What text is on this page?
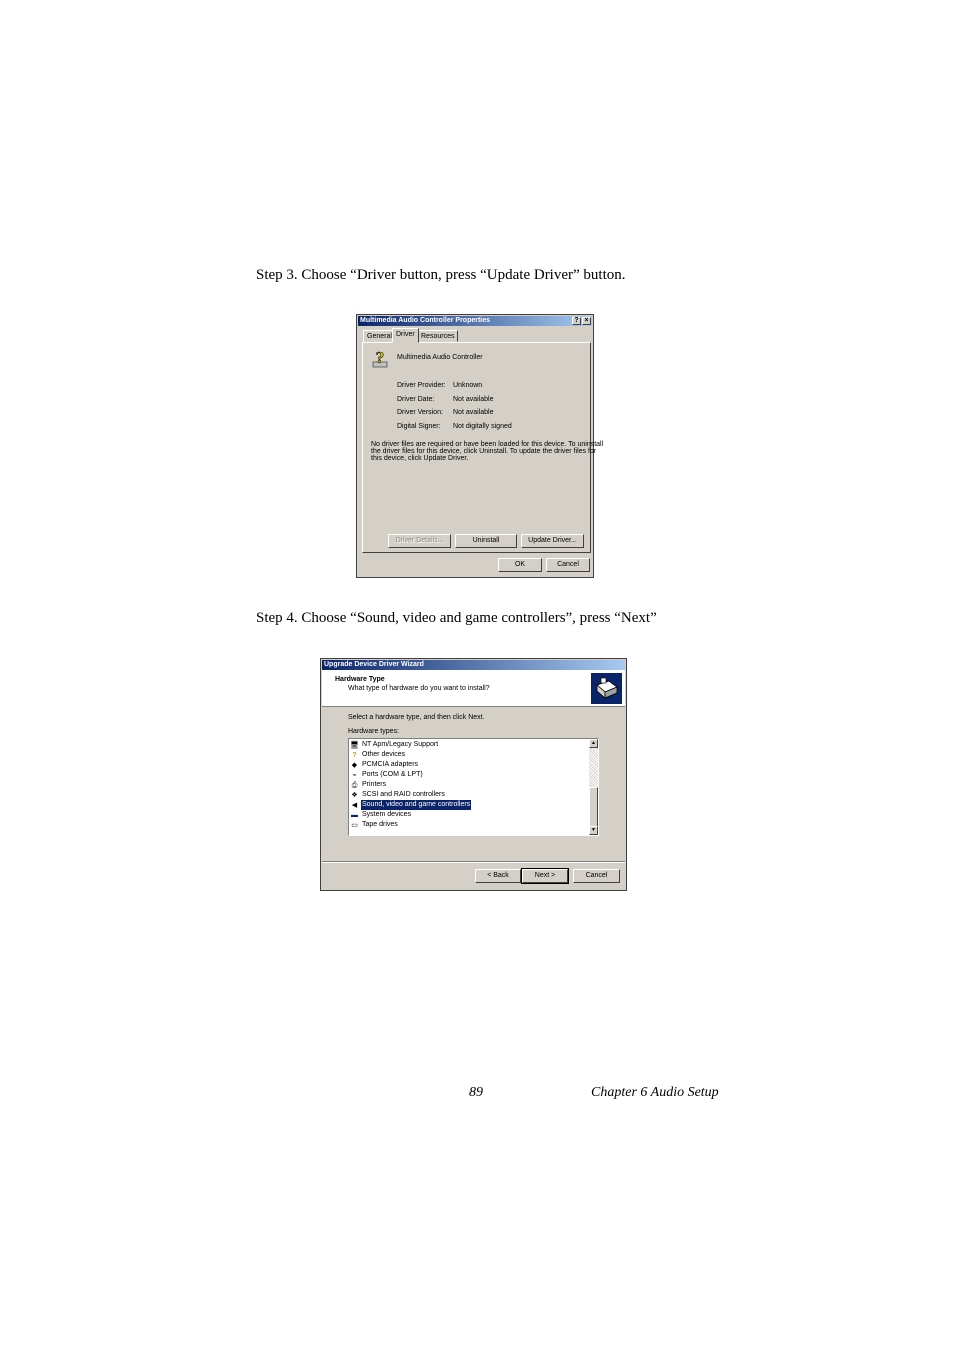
Step 3. Choose “Driver button, press “Update Driver” button.
Multimedia Audio Controller Properties	? ×
General Driver Resources
? Multimedia Audio Controller
Driver Provider: Unknown
Driver Date:	Not available
Driver Version: Not available
Digital Signer: Not digitally signed
No driver files are required or have been loaded for this device. To uninstall
the driver files for this device, click Uninstall. To update the driver files for
this device, click Update Driver.
Driver Details...	Uninstall	Update Driver...
OK	Cancel
Step 4. Choose “Sound, video and game controllers”, press “Next”
Upgrade Device Driver Wizard
Hardware Type
What type of hardware do you want to install?
Select a hardware type, and then click Next.
Hardware types:
🖥 NT Apm/Legacy Support
? Other devices
◆ PCMCIA adapters
⌁ Ports (COM & LPT)
⎙ Printers
❖ SCSI and RAID controllers
◀ Sound, video and game controllers
▬ System devices
▭ Tape drives
▲
▼
< Back	Next >	Cancel
89	Chapter 6 Audio Setup
